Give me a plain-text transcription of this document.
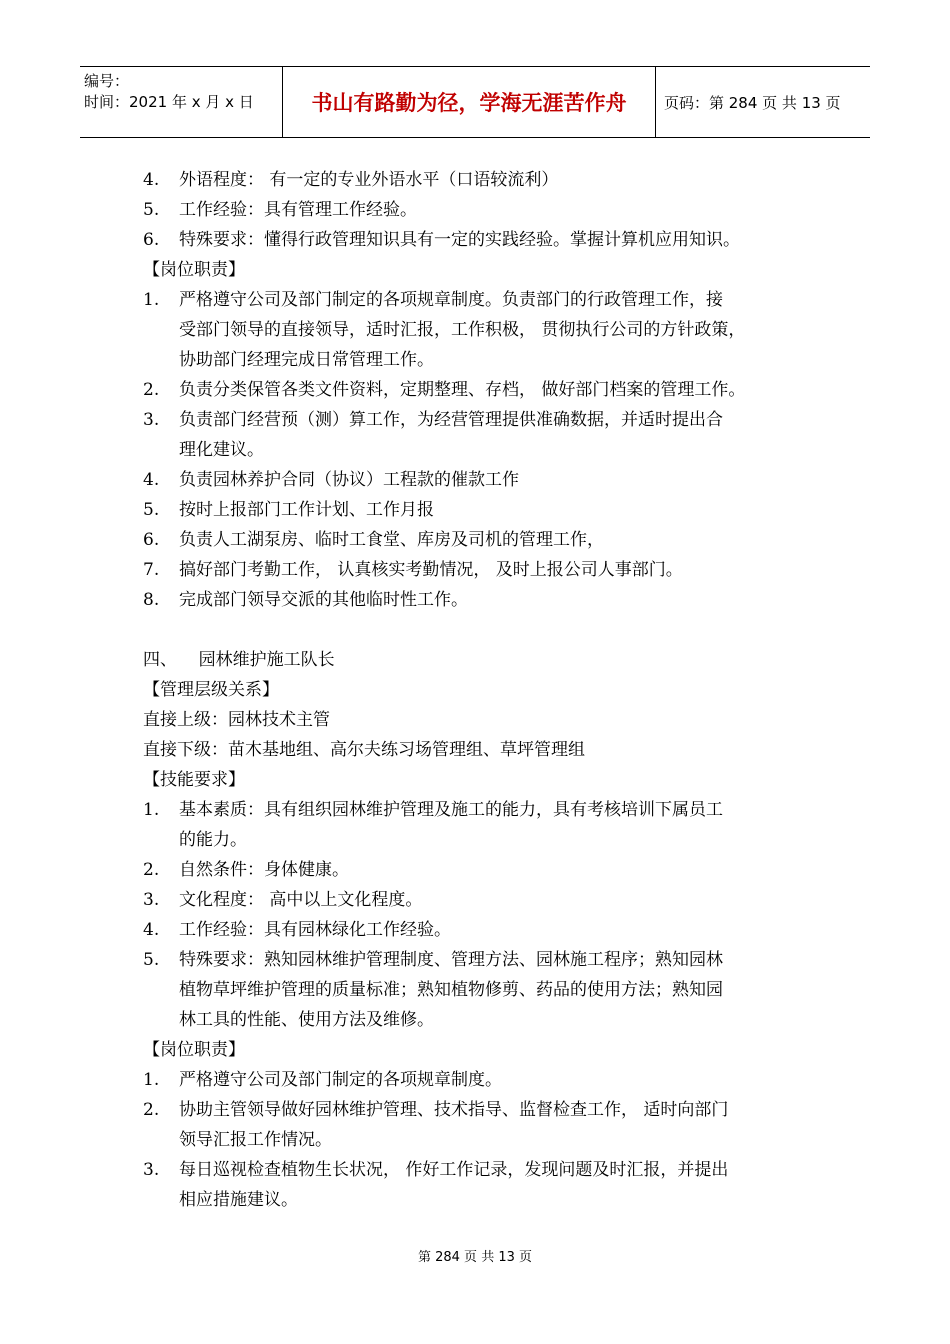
编号：
时间：2021 年 x 月 x 日	书山有路勤为径，学海无涯苦作舟	页码：第 284 页 共 13 页
4.	外语程度： 有一定的专业外语水平（口语较流利）
5.	工作经验：具有管理工作经验。
6.	特殊要求：懂得行政管理知识具有一定的实践经验。掌握计算机应用知识。
【岗位职责】
1.	严格遵守公司及部门制定的各项规章制度。负责部门的行政管理工作，接
受部门领导的直接领导，适时汇报，工作积极， 贯彻执行公司的方针政策，
协助部门经理完成日常管理工作。
2.	负责分类保管各类文件资料，定期整理、存档， 做好部门档案的管理工作。
3.	负责部门经营预（测）算工作，为经营管理提供准确数据，并适时提出合
理化建议。
4.	负责园林养护合同（协议）工程款的催款工作
5.	按时上报部门工作计划、工作月报
6.	负责人工湖泵房、临时工食堂、库房及司机的管理工作，
7.	搞好部门考勤工作， 认真核实考勤情况， 及时上报公司人事部门。
8.	完成部门领导交派的其他临时性工作。
四、    园林维护施工队长
【管理层级关系】
直接上级：园林技术主管
直接下级：苗木基地组、高尔夫练习场管理组、草坪管理组
【技能要求】
1.	基本素质：具有组织园林维护管理及施工的能力，具有考核培训下属员工
的能力。
2.	自然条件：身体健康。
3.	文化程度： 高中以上文化程度。
4.	工作经验：具有园林绿化工作经验。
5.	特殊要求：熟知园林维护管理制度、管理方法、园林施工程序；熟知园林
植物草坪维护管理的质量标准；熟知植物修剪、药品的使用方法；熟知园
林工具的性能、使用方法及维修。
【岗位职责】
1.	严格遵守公司及部门制定的各项规章制度。
2.	协助主管领导做好园林维护管理、技术指导、监督检查工作， 适时向部门
领导汇报工作情况。
3.	每日巡视检查植物生长状况， 作好工作记录，发现问题及时汇报，并提出
相应措施建议。
第 284 页 共 13 页
